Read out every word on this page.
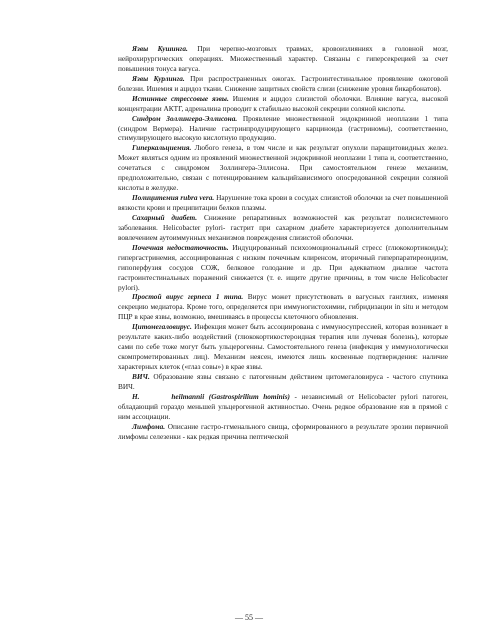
Язвы Кушинга. При черепно-мозговых травмах, кровоизлияниях в головной мозг, нейрохирургических операциях. Множественный характер. Связаны с гиперсекрецией за счет повышения тонуса вагуса.

Язвы Курлинга. При распространенных ожогах. Гастроинтестинальное проявление ожоговой болезни. Ишемия и ацидоз ткани. Снижение защитных свойств слизи (снижение уровня бикарбонатов).

Истинные стрессовые язвы. Ишемия и ацидоз слизистой оболочки. Влияние вагуса, высокой концентрации АКТГ, адреналина проводит к стабильно высокой секреции соляной кислоты.

Синдром Золлингера-Эллисона. Проявление множественной эндокринной неоплазии 1 типа (синдром Вермера). Наличие гастринпродуцирующего карциноида (гастриномы), соответственно, стимулирующего высокую кислотную продукцию.

Гиперкальциемия. Любого генеза, в том числе и как результат опухоли паращитовидных желез. Может являться одним из проявлений множественной эндокринной неоплазии 1 типа и, соответственно, сочетаться с синдромом Золлингера-Эллисона. При самостоятельном генезе механизм, предположительно, связан с потенцированием кальцийзависимого опосредованной секреции соляной кислоты в желудке.

Полицитемия rubra vera. Нарушение тока крови в сосудах слизистой оболочки за счет повышенной вязкости крови и преципитации белков плазмы.

Сахарный диабет. Снижение репаративных возможностей как результат полисистемного заболевания. Helicobacter pylori- гастрит при сахарном диабете характеризуется дополнительным вовлечением аутоиммунных механизмов повреждения слизистой оболочки.

Почечная недостаточность. Индуцированный психоэмоциональный стресс (глюкокортикоиды); гипергастринемия, ассоциированная с низким почечным клиренсом, вторичный гиперпаратиреоидизм, гипоперфузия сосудов СОЖ, белковое голодание и др. При адекватном диализе частота гастроинтестинальных поражений снижается (т. е. ищите другие причины, в том числе Helicobacter pylori).

Простой вирус герпеса 1 типа. Вирус может присутствовать в вагусных ганглиях, изменяя секрецию медиатора. Кроме того, определяется при иммуногистохимии, гибридизации in situ и методом ПЦР в крае язвы, возможно, вмешиваясь в процессы клеточного обновления.

Цитомегаловирус. Инфекция может быть ассоциирована с иммуносупрессией, которая возникает в результате каких-либо воздействий (глюкокортикостероидная терапия или лучевая болезнь), которые сами по себе тоже могут быть ульцерогенны. Самостоятельного генеза (инфекция у иммунологически скомпрометированных лиц). Механизм неясен, имеются лишь косвенные подтверждения: наличие характерных клеток («глаз совы») в крае язвы.

ВИЧ. Образование язвы связано с патогенным действием цитомегаловируса - частого спутника ВИЧ.

H.       heilmannii (Gastrospirilium hominis) - независимый от Helicobacter pylori патоген, обладающий гораздо меньшей ульцерогенной активностью. Очень редкое образование язв в прямой с ним ассоциации.

Лимфома. Описание гастро-ггменального свища, сформированного в результате эрозии первичной лимфомы селезенки - как редкая причина пептической

— 55 —
